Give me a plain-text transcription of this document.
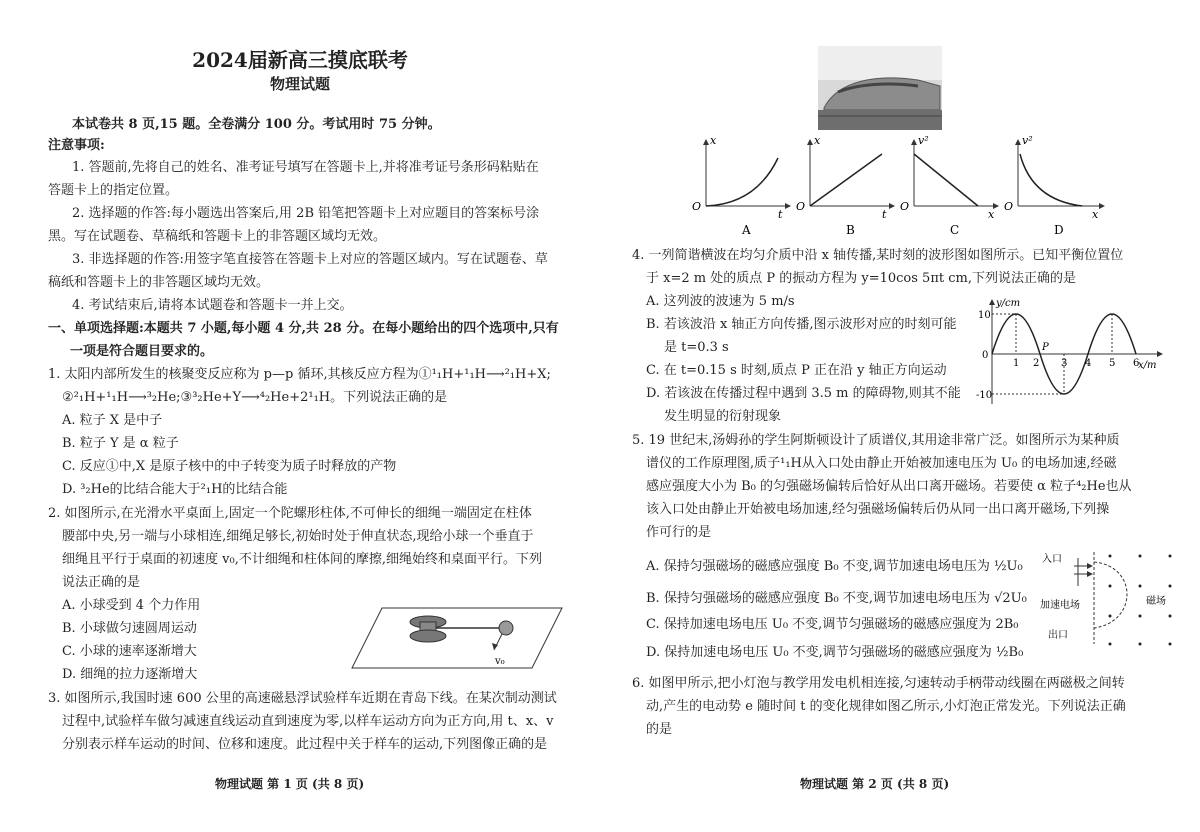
2024届新高三摸底联考
物理试题
本试卷共 8 页,15 题。全卷满分 100 分。考试用时 75 分钟。
注意事项:
1. 答题前,先将自己的姓名、准考证号填写在答题卡上,并将准考证号条形码粘贴在
答题卡上的指定位置。
2. 选择题的作答:每小题选出答案后,用 2B 铅笔把答题卡上对应题目的答案标号涂
黑。写在试题卷、草稿纸和答题卡上的非答题区域均无效。
3. 非选择题的作答:用签字笔直接答在答题卡上对应的答题区域内。写在试题卷、草
稿纸和答题卡上的非答题区域均无效。
4. 考试结束后,请将本试题卷和答题卡一并上交。
一、单项选择题:本题共 7 小题,每小题 4 分,共 28 分。在每小题给出的四个选项中,只有
一项是符合题目要求的。
1. 太阳内部所发生的核聚变反应称为 p—p 循环,其核反应方程为①¹₁H+¹₁H⟶²₁H+X;
②²₁H+¹₁H⟶³₂He;③³₂He+Y⟶⁴₂He+2¹₁H。下列说法正确的是
A. 粒子 X 是中子
B. 粒子 Y 是 α 粒子
C. 反应①中,X 是原子核中的中子转变为质子时释放的产物
D. ³₂He的比结合能大于²₁H的比结合能
2. 如图所示,在光滑水平桌面上,固定一个陀螺形柱体,不可伸长的细绳一端固定在柱体
腰部中央,另一端与小球相连,细绳足够长,初始时处于伸直状态,现给小球一个垂直于
细绳且平行于桌面的初速度 v₀,不计细绳和柱体间的摩擦,细绳始终和桌面平行。下列
说法正确的是
A. 小球受到 4 个力作用
B. 小球做匀速圆周运动
C. 小球的速率逐渐增大
D. 细绳的拉力逐渐增大
v₀
3. 如图所示,我国时速 600 公里的高速磁悬浮试验样车近期在青岛下线。在某次制动测试
过程中,试验样车做匀减速直线运动直到速度为零,以样车运动方向为正方向,用 t、x、v
分别表示样车运动的时间、位移和速度。此过程中关于样车的运动,下列图像正确的是
物理试题 第 1 页 (共 8 页)
x
t
O
A
x
t
O
B
v²
x
O
C
v²
x
O
D
4. 一列简谐横波在均匀介质中沿 x 轴传播,某时刻的波形图如图所示。已知平衡位置位
于 x=2 m 处的质点 P 的振动方程为 y=10cos 5πt cm,下列说法正确的是
A. 这列波的波速为 5 m/s
B. 若该波沿 x 轴正方向传播,图示波形对应的时刻可能
是 t=0.3 s
C. 在 t=0.15 s 时刻,质点 P 正在沿 y 轴正方向运动
D. 若该波在传播过程中遇到 3.5 m 的障碍物,则其不能
发生明显的衍射现象
y/cm
x/m
10
0
-10
1 2 3 4 5 6
P
5. 19 世纪末,汤姆孙的学生阿斯顿设计了质谱仪,其用途非常广泛。如图所示为某种质
谱仪的工作原理图,质子¹₁H从入口处由静止开始被加速电压为 U₀ 的电场加速,经磁
感应强度大小为 B₀ 的匀强磁场偏转后恰好从出口离开磁场。若要使 α 粒子⁴₂He也从
该入口处由静止开始被电场加速,经匀强磁场偏转后仍从同一出口离开磁场,下列操
作可行的是
A. 保持匀强磁场的磁感应强度 B₀ 不变,调节加速电场电压为 ½U₀
B. 保持匀强磁场的磁感应强度 B₀ 不变,调节加速电场电压为 √2U₀
C. 保持加速电场电压 U₀ 不变,调节匀强磁场的磁感应强度为 2B₀
D. 保持加速电场电压 U₀ 不变,调节匀强磁场的磁感应强度为 ½B₀
入口
加速电场	磁场
出口
6. 如图甲所示,把小灯泡与教学用发电机相连接,匀速转动手柄带动线圈在两磁极之间转
动,产生的电动势 e 随时间 t 的变化规律如图乙所示,小灯泡正常发光。下列说法正确
的是
物理试题 第 2 页 (共 8 页)
